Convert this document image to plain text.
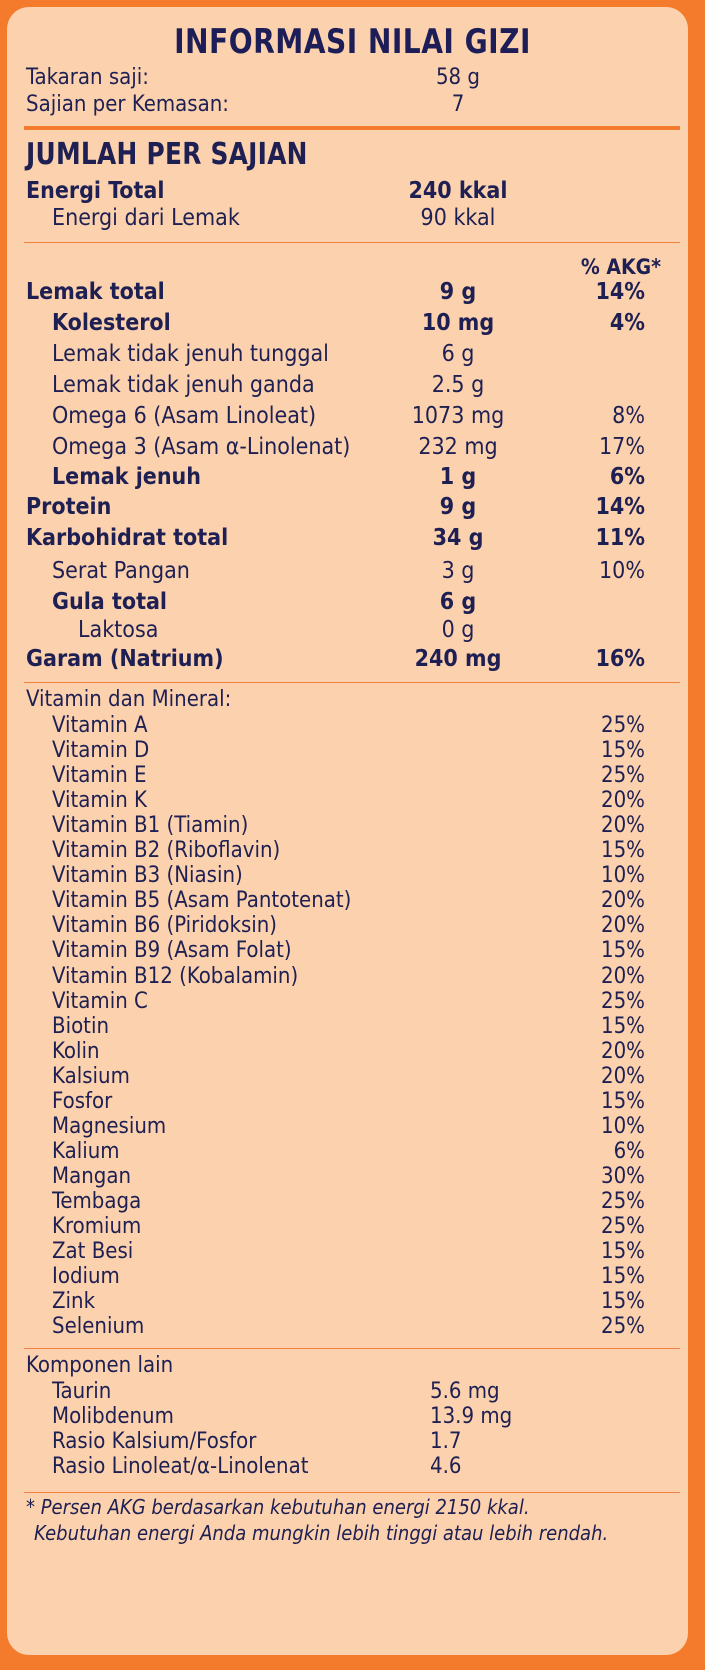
INFORMASI NILAI GIZI
Takaran saji:	58 g
Sajian per Kemasan:	7
JUMLAH PER SAJIAN
Energi Total	240 kkal
Energi dari Lemak	90 kkal
% AKG*
Lemak total	9 g	14%
Kolesterol	10 mg	4%
Lemak tidak jenuh tunggal	6 g
Lemak tidak jenuh ganda	2.5 g
Omega 6 (Asam Linoleat)	1073 mg	8%
Omega 3 (Asam α-Linolenat)	232 mg	17%
Lemak jenuh	1 g	6%
Protein	9 g	14%
Karbohidrat total	34 g	11%
Serat Pangan	3 g	10%
Gula total	6 g
Laktosa	0 g
Garam (Natrium)	240 mg	16%
Vitamin dan Mineral:
Vitamin A	25%
Vitamin D	15%
Vitamin E	25%
Vitamin K	20%
Vitamin B1 (Tiamin)	20%
Vitamin B2 (Riboflavin)	15%
Vitamin B3 (Niasin)	10%
Vitamin B5 (Asam Pantotenat)	20%
Vitamin B6 (Piridoksin)	20%
Vitamin B9 (Asam Folat)	15%
Vitamin B12 (Kobalamin)	20%
Vitamin C	25%
Biotin	15%
Kolin	20%
Kalsium	20%
Fosfor	15%
Magnesium	10%
Kalium	6%
Mangan	30%
Tembaga	25%
Kromium	25%
Zat Besi	15%
Iodium	15%
Zink	15%
Selenium	25%
Komponen lain
Taurin	5.6 mg
Molibdenum	13.9 mg
Rasio Kalsium/Fosfor	1.7
Rasio Linoleat/α-Linolenat	4.6
* Persen AKG berdasarkan kebutuhan energi 2150 kkal.
Kebutuhan energi Anda mungkin lebih tinggi atau lebih rendah.
